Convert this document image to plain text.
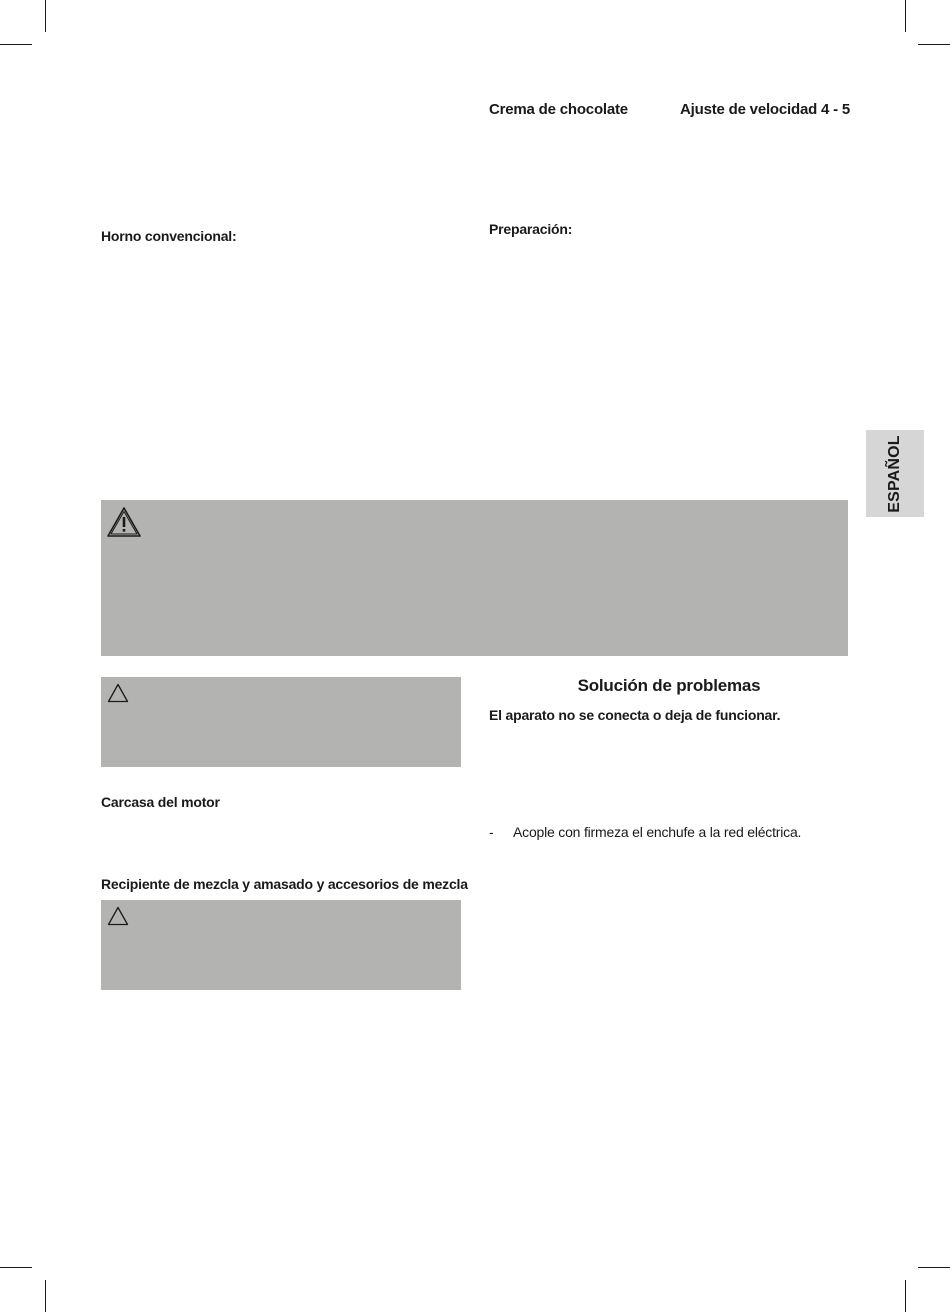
Crema de chocolate	Ajuste de velocidad 4 - 5
Horno convencional:	Preparación:
ESPAÑOL
Solución de problemas
El aparato no se conecta o deja de funcionar.
Carcasa del motor
- Acople con firmeza el enchufe a la red eléctrica.
Recipiente de mezcla y amasado y accesorios de mezcla
